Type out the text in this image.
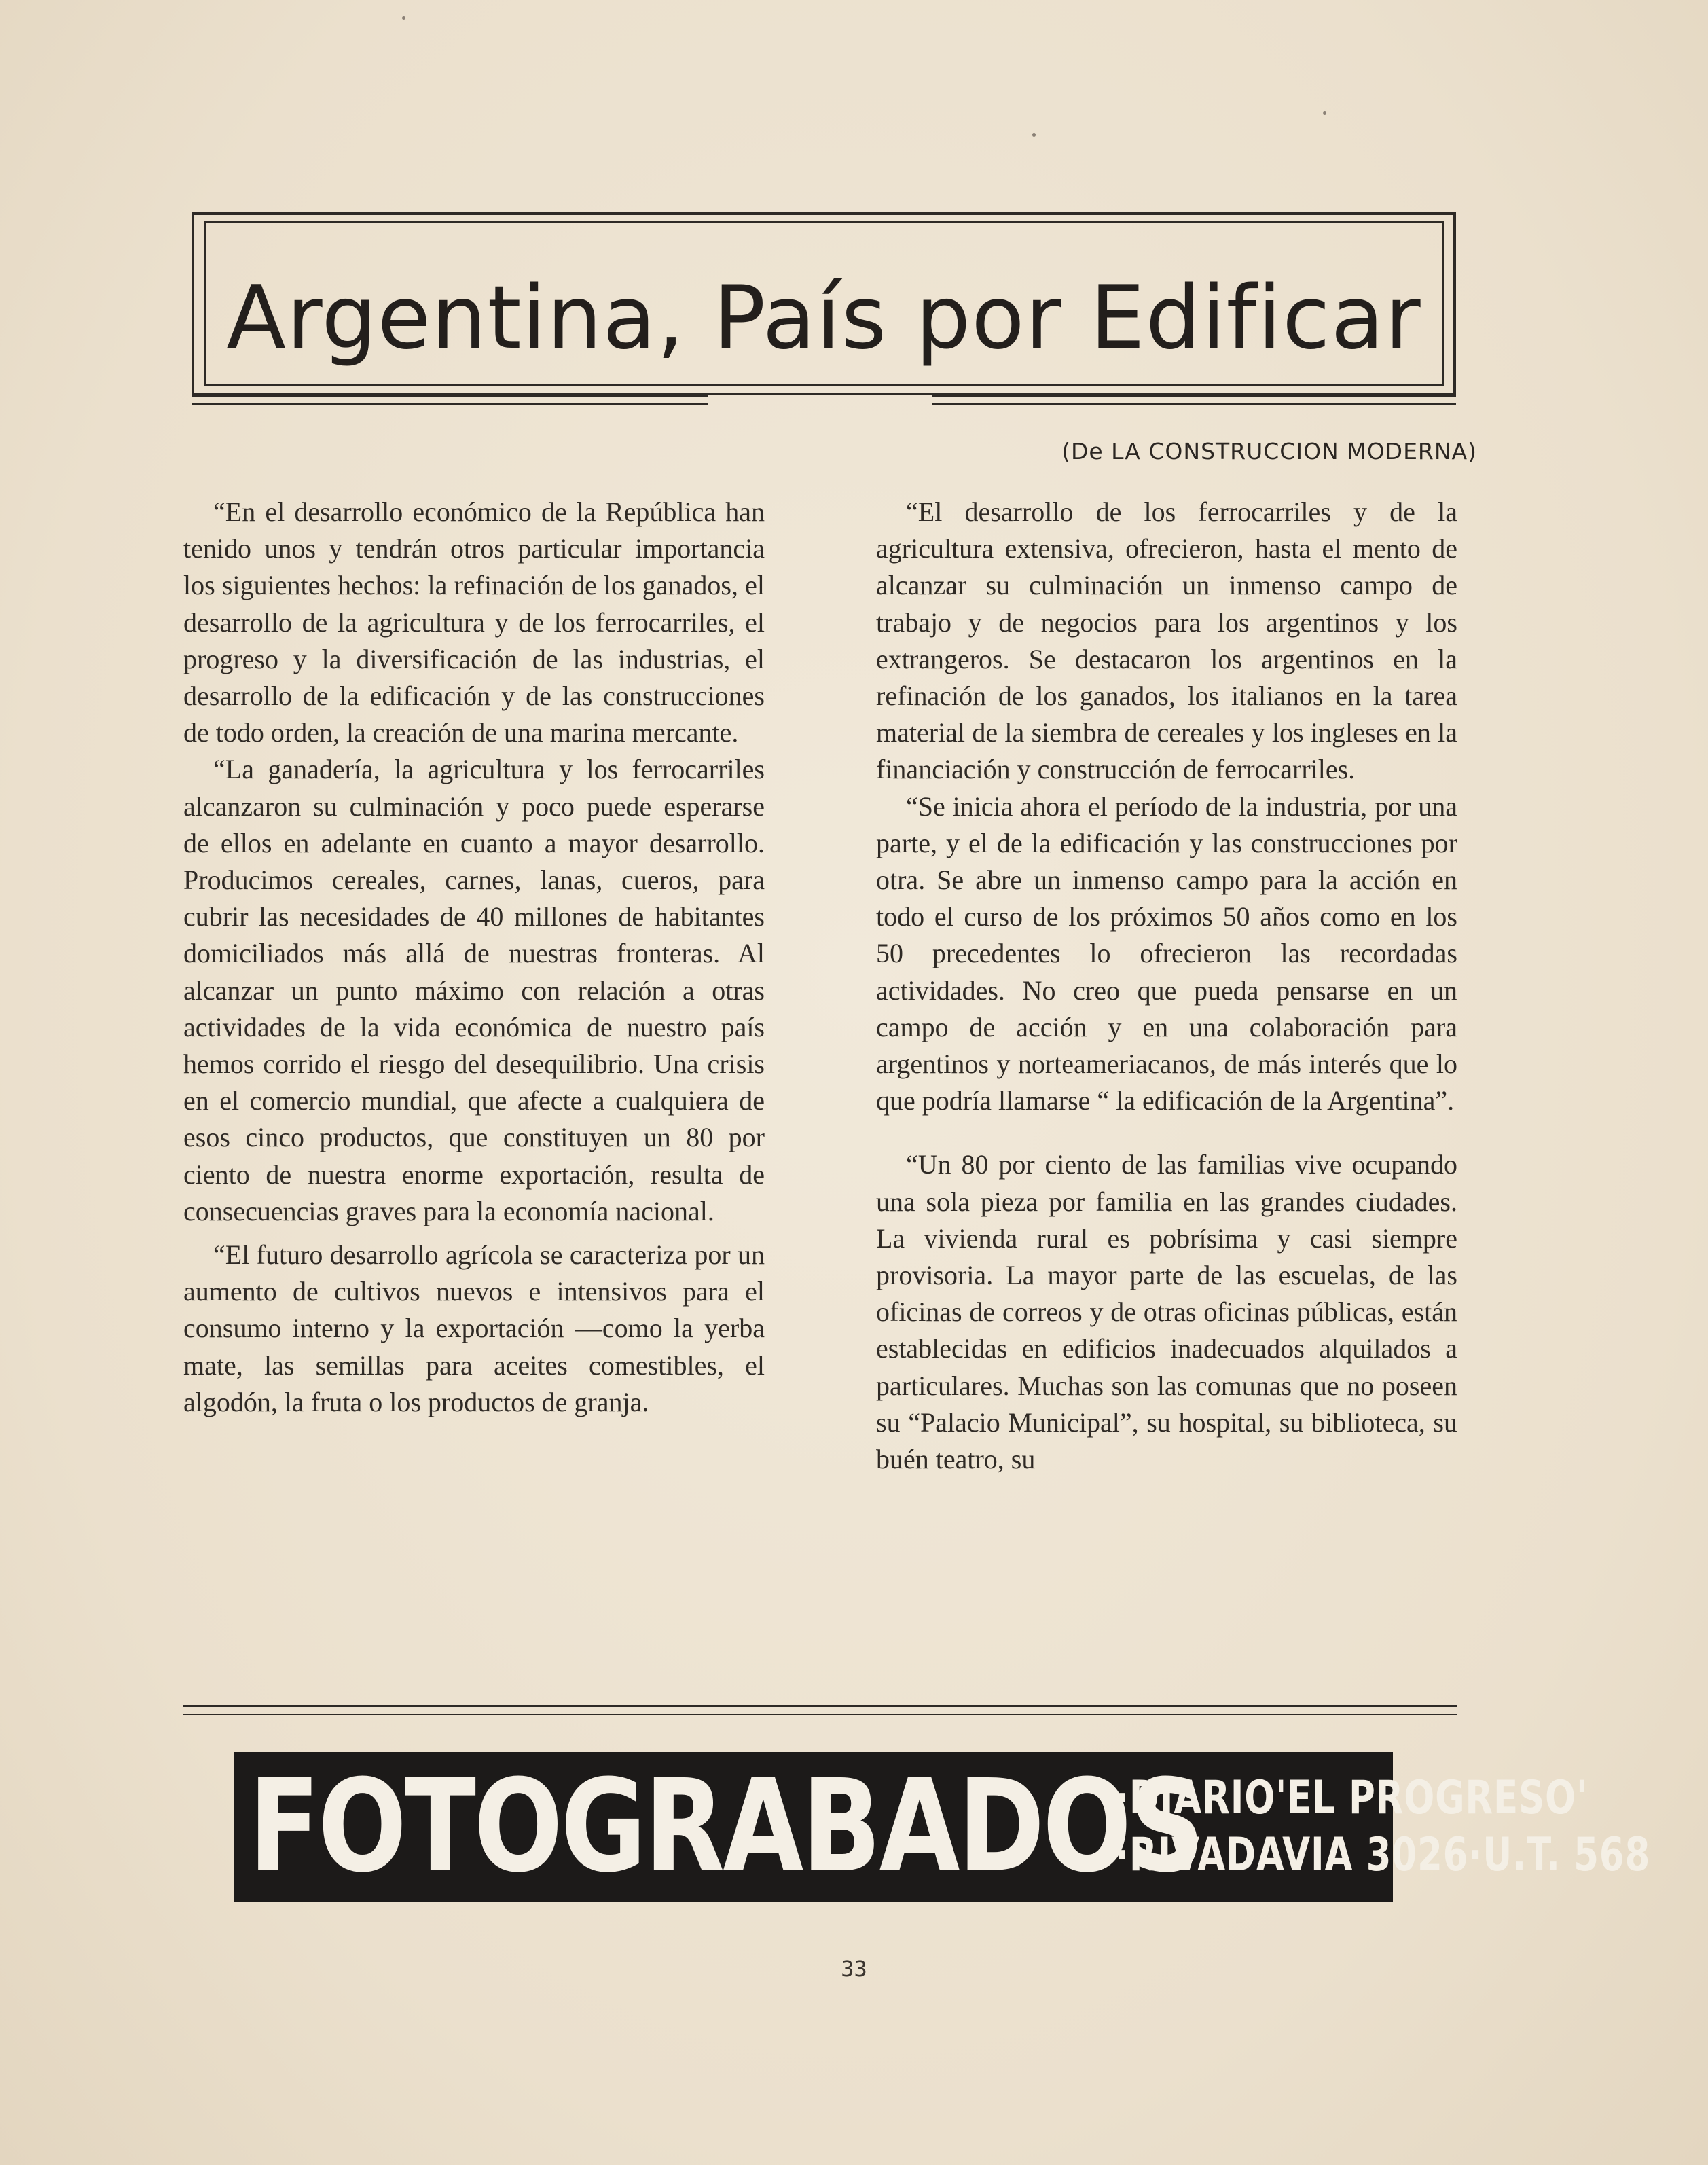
Argentina, País por Edificar
(De LA CONSTRUCCION MODERNA)

“En el desarrollo económico de la República han tenido unos y tendrán otros particular importancia los siguientes hechos: la refinación de los ganados, el desarrollo de la agricultura y de los ferrocarriles, el progreso y la diversificación de las industrias, el desarrollo de la edificación y de las construcciones de todo orden, la creación de una marina mercante.

“La ganadería, la agricultura y los ferrocarriles alcanzaron su culminación y poco puede esperarse de ellos en adelante en cuanto a mayor desarrollo. Producimos cereales, carnes, lanas, cueros, para cubrir las necesidades de 40 millones de habitantes domiciliados más allá de nuestras fronteras. Al alcanzar un punto máximo con relación a otras actividades de la vida económica de nuestro país hemos corrido el riesgo del desequilibrio. Una crisis en el comercio mundial, que afecte a cualquiera de esos cinco productos, que constituyen un 80 por ciento de nuestra enorme exportación, resulta de consecuencias graves para la economía nacional.

“El futuro desarrollo agrícola se caracteriza por un aumento de cultivos nuevos e intensivos para el consumo interno y la exportación —como la yerba mate, las semillas para aceites comestibles, el algodón, la fruta o los productos de granja.

“El desarrollo de los ferrocarriles y de la agricultura extensiva, ofrecieron, hasta el mento de alcanzar su culminación un inmenso campo de trabajo y de negocios para los argentinos y los extrangeros. Se destacaron los argentinos en la refinación de los ganados, los italianos en la tarea material de la siembra de cereales y los ingleses en la financiación y construcción de ferrocarriles.

“Se inicia ahora el período de la industria, por una parte, y el de la edificación y las construcciones por otra. Se abre un inmenso campo para la acción en todo el curso de los próximos 50 años como en los 50 precedentes lo ofrecieron las recordadas actividades. No creo que pueda pensarse en un campo de acción y en una colaboración para argentinos y norteameriacanos, de más interés que lo que podría llamarse “ la edificación de la Argentina”.

“Un 80 por ciento de las familias vive ocupando una sola pieza por familia en las grandes ciudades. La vivienda rural es pobrísima y casi siempre provisoria. La mayor parte de las escuelas, de las oficinas de correos y de otras oficinas públicas, están establecidas en edificios inadecuados alquilados a particulares. Muchas son las comunas que no poseen su “Palacio Municipal”, su hospital, su biblioteca, su buén teatro, su

FOTOGRABADOS
·DIARIO'EL PROGRESO'
·RIVADAVIA 3026·U.T. 568
33
